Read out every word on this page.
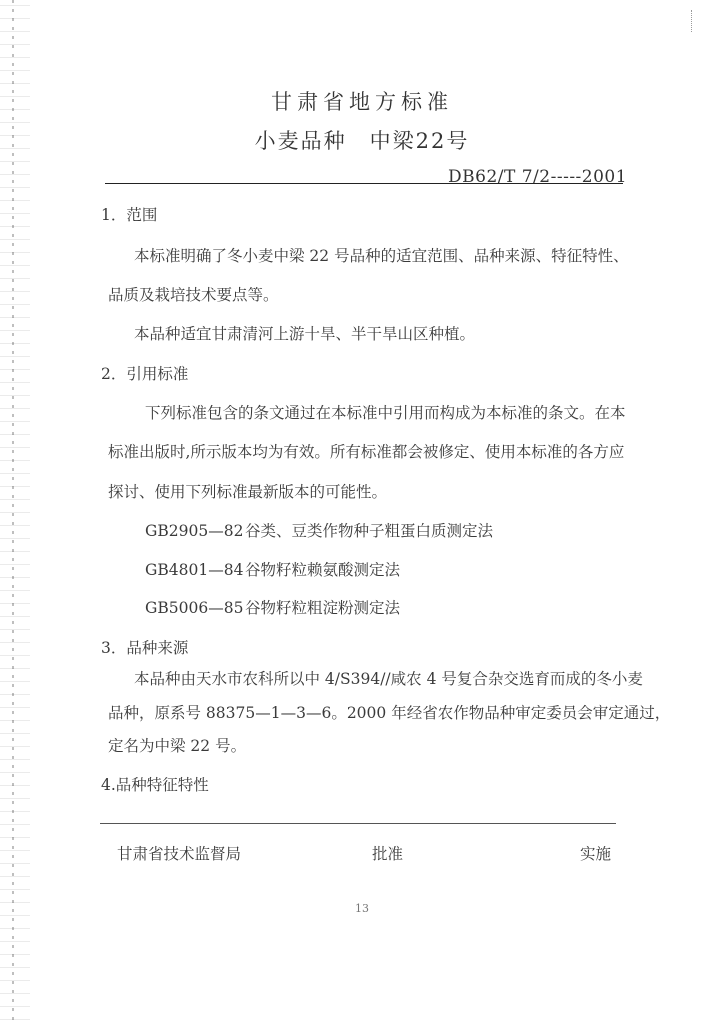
甘肃省地方标准
小麦品种　中梁22号
DB62/T 7/2-----2001
1．范围
本标准明确了冬小麦中梁 22 号品种的适宜范围、品种来源、特征特性、
品质及栽培技术要点等。
本品种适宜甘肃清河上游十旱、半干旱山区种植。
2．引用标准
下列标准包含的条文通过在本标准中引用而构成为本标准的条文。在本
标准出版时,所示版本均为有效。所有标准都会被修定、使用本标准的各方应
探讨、使用下列标准最新版本的可能性。
GB2905—82谷类、豆类作物种子粗蛋白质测定法
GB4801—84谷物籽粒赖氨酸测定法
GB5006—85谷物籽粒粗淀粉测定法
3．品种来源
本品种由天水市农科所以中 4/S394//咸农 4 号复合杂交选育而成的冬小麦
品种，原系号 88375—1—3—6。2000 年经省农作物品种审定委员会审定通过，
定名为中梁 22 号。
4.品种特征特性
甘肃省技术监督局	批准	实施
13
